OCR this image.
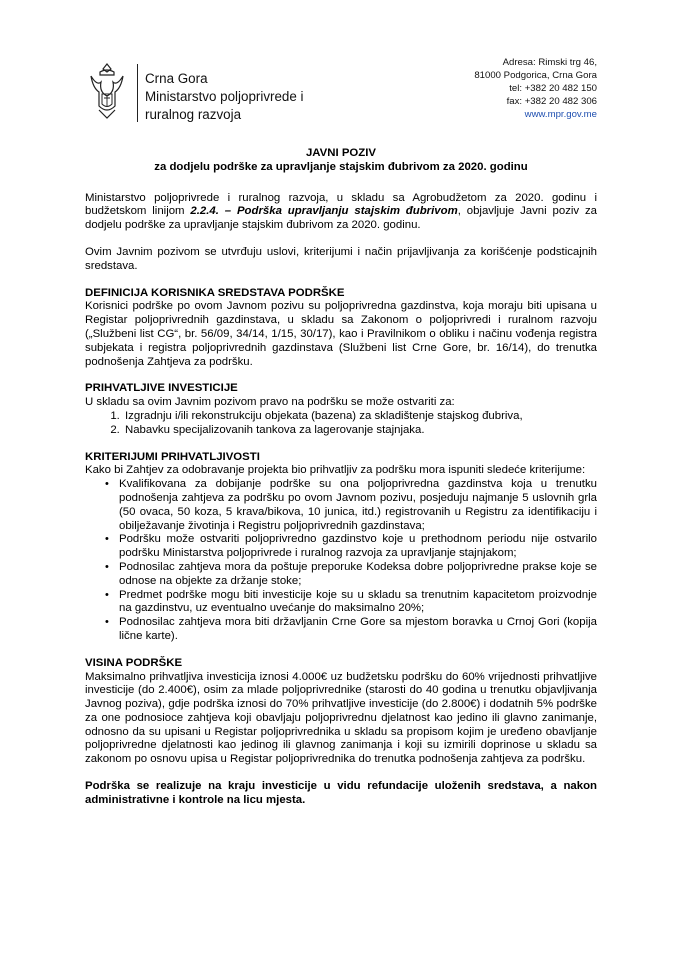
Crna Gora
Ministarstvo poljoprivrede i
ruralnog razvoja
Adresa: Rimski trg 46,
81000 Podgorica, Crna Gora
tel: +382 20 482 150
fax: +382 20 482 306
www.mpr.gov.me
JAVNI POZIV
za dodjelu podrške za upravljanje stajskim đubrivom za 2020. godinu

Ministarstvo poljoprivrede i ruralnog razvoja, u skladu sa Agrobudžetom za 2020. godinu i budžetskom linijom 2.2.4. – Podrška upravljanju stajskim đubrivom, objavljuje Javni poziv za dodjelu podrške za upravljanje stajskim đubrivom za 2020. godinu.

Ovim Javnim pozivom se utvrđuju uslovi, kriterijumi i način prijavljivanja za korišćenje podsticajnih sredstava.

DEFINICIJA KORISNIKA SREDSTAVA PODRŠKE

Korisnici podrške po ovom Javnom pozivu su poljoprivredna gazdinstva, koja moraju biti upisana u Registar poljoprivrednih gazdinstava, u skladu sa Zakonom o poljoprivredi i ruralnom razvoju („Službeni list CG“, br. 56/09, 34/14, 1/15, 30/17), kao i Pravilnikom o obliku i načinu vođenja registra subjekata i registra poljoprivrednih gazdinstava (Službeni list Crne Gore, br. 16/14), do trenutka podnošenja Zahtjeva za podršku.

PRIHVATLJIVE INVESTICIJE

U skladu sa ovim Javnim pozivom pravo na podršku se može ostvariti za:

1. Izgradnju i/ili rekonstrukciju objekata (bazena) za skladištenje stajskog đubriva,
2. Nabavku specijalizovanih tankova za lagerovanje stajnjaka.
KRITERIJUMI PRIHVATLJIVOSTI

Kako bi Zahtjev za odobravanje projekta bio prihvatljiv za podršku mora ispuniti sledeće kriterijume:

• Kvalifikovana za dobijanje podrške su ona poljoprivredna gazdinstva koja u trenutku podnošenja zahtjeva za podršku po ovom Javnom pozivu, posjeduju najmanje 5 uslovnih grla (50 ovaca, 50 koza, 5 krava/bikova, 10 junica, itd.) registrovanih u Registru za identifikaciju i obilježavanje životinja i Registru poljoprivrednih gazdinstava;
• Podršku može ostvariti poljoprivredno gazdinstvo koje u prethodnom periodu nije ostvarilo podršku Ministarstva poljoprivrede i ruralnog razvoja za upravljanje stajnjakom;
• Podnosilac zahtjeva mora da poštuje preporuke Kodeksa dobre poljoprivredne prakse koje se odnose na objekte za držanje stoke;
• Predmet podrške mogu biti investicije koje su u skladu sa trenutnim kapacitetom proizvodnje na gazdinstvu, uz eventualno uvećanje do maksimalno 20%;
• Podnosilac zahtjeva mora biti državljanin Crne Gore sa mjestom boravka u Crnoj Gori (kopija lične karte).
VISINA PODRŠKE

Maksimalno prihvatljiva investicija iznosi 4.000€ uz budžetsku podršku do 60% vrijednosti prihvatljive investicije (do 2.400€), osim za mlade poljoprivrednike (starosti do 40 godina u trenutku objavljivanja Javnog poziva), gdje podrška iznosi do 70% prihvatljive investicije (do 2.800€) i dodatnih 5% podrške za one podnosioce zahtjeva koji obavljaju poljoprivrednu djelatnost kao jedino ili glavno zanimanje, odnosno da su upisani u Registar poljoprivrednika u skladu sa propisom kojim je uređeno obavljanje poljoprivredne djelatnosti kao jedinog ili glavnog zanimanja i koji su izmirili doprinose u skladu sa zakonom po osnovu upisa u Registar poljoprivrednika do trenutka podnošenja zahtjeva za podršku.

Podrška se realizuje na kraju investicije u vidu refundacije uloženih sredstava, a nakon administrativne i kontrole na licu mjesta.
